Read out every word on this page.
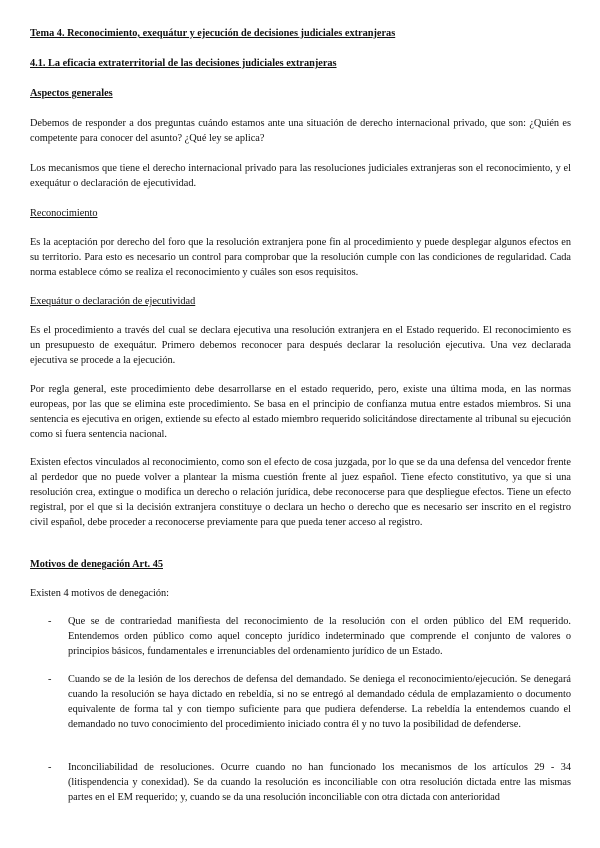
Tema 4. Reconocimiento, exequátur y ejecución de decisiones judiciales extranjeras
4.1. La eficacia extraterritorial de las decisiones judiciales extranjeras
Aspectos generales

Debemos de responder a dos preguntas cuándo estamos ante una situación de derecho internacional privado, que son: ¿Quién es competente para conocer del asunto? ¿Qué ley se aplica?

Los mecanismos que tiene el derecho internacional privado para las resoluciones judiciales extranjeras son el reconocimiento, y el exequátur o declaración de ejecutividad.

Reconocimiento

Es la aceptación por derecho del foro que la resolución extranjera pone fin al procedimiento y puede desplegar algunos efectos en su territorio. Para esto es necesario un control para comprobar que la resolución cumple con las condiciones de regularidad. Cada norma establece cómo se realiza el reconocimiento y cuáles son esos requisitos.

Exequátur o declaración de ejecutividad

Es el procedimiento a través del cual se declara ejecutiva una resolución extranjera en el Estado requerido. El reconocimiento es un presupuesto de exequátur. Primero debemos reconocer para después declarar la resolución ejecutiva. Una vez declarada ejecutiva se procede a la ejecución.

Por regla general, este procedimiento debe desarrollarse en el estado requerido, pero, existe una última moda, en las normas europeas, por las que se elimina este procedimiento. Se basa en el principio de confianza mutua entre estados miembros. Si una sentencia es ejecutiva en origen, extiende su efecto al estado miembro requerido solicitándose directamente al tribunal su ejecución como si fuera sentencia nacional.

Existen efectos vinculados al reconocimiento, como son el efecto de cosa juzgada, por lo que se da una defensa del vencedor frente al perdedor que no puede volver a plantear la misma cuestión frente al juez español. Tiene efecto constitutivo, ya que si una resolución crea, extingue o modifica un derecho o relación jurídica, debe reconocerse para que despliegue efectos. Tiene un efecto registral, por el que si la decisión extranjera constituye o declara un hecho o derecho que es necesario ser inscrito en el registro civil español, debe proceder a reconocerse previamente para que pueda tener acceso al registro.

Motivos de denegación Art. 45

Existen 4 motivos de denegación:

- Que se de contrariedad manifiesta del reconocimiento de la resolución con el orden público del EM requerido. Entendemos orden público como aquel concepto jurídico indeterminado que comprende el conjunto de valores o principios básicos, fundamentales e irrenunciables del ordenamiento jurídico de un Estado.
- Cuando se de la lesión de los derechos de defensa del demandado. Se deniega el reconocimiento/ejecución. Se denegará cuando la resolución se haya dictado en rebeldía, si no se entregó al demandado cédula de emplazamiento o documento equivalente de forma tal y con tiempo suficiente para que pudiera defenderse. La rebeldía la entendemos cuando el demandado no tuvo conocimiento del procedimiento iniciado contra él y no tuvo la posibilidad de defenderse.
- Inconciliabilidad de resoluciones. Ocurre cuando no han funcionado los mecanismos de los artículos 29 - 34 (litispendencia y conexidad). Se da cuando la resolución es inconciliable con otra resolución dictada entre las mismas partes en el EM requerido; y, cuando se da una resolución inconciliable con otra dictada con anterioridad
